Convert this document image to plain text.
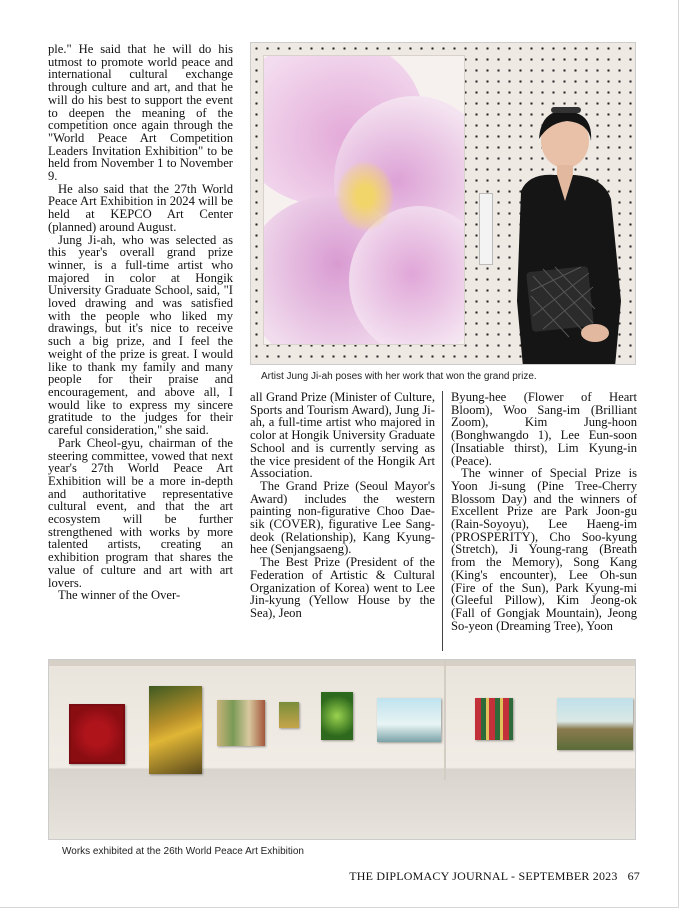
ple." He said that he will do his utmost to promote world peace and international cultural exchange through culture and art, and that he will do his best to support the event to deepen the meaning of the competition once again through the "World Peace Art Competition Leaders Invitation Exhibition" to be held from November 1 to November 9.

He also said that the 27th World Peace Art Exhibition in 2024 will be held at KEPCO Art Center (planned) around August.

Jung Ji-ah, who was selected as this year's overall grand prize winner, is a full-time artist who majored in color at Hongik University Graduate School, said, "I loved drawing and was satisfied with the people who liked my drawings, but it's nice to receive such a big prize, and I feel the weight of the prize is great. I would like to thank my family and many people for their praise and encouragement, and above all, I would like to express my sincere gratitude to the judges for their careful consideration," she said.

Park Cheol-gyu, chairman of the steering committee, vowed that next year's 27th World Peace Art Exhibition will be a more in-depth and authoritative representative cultural event, and that the art ecosystem will be further strengthened with works by more talented artists, creating an exhibition program that shares the value of culture and art with art lovers.

The winner of the Over-

Artist Jung Ji-ah poses with her work that won the grand prize.

all Grand Prize (Minister of Culture, Sports and Tourism Award), Jung Ji-ah, a full-time artist who majored in color at Hongik University Graduate School and is currently serving as the vice president of the Hongik Art Association.

The Grand Prize (Seoul Mayor's Award) includes the western painting non-figurative Choo Dae-sik (COVER), figurative Lee Sang-deok (Relationship), Kang Kyung-hee (Senjangsaeng).

The Best Prize (President of the Federation of Artistic & Cultural Organization of Korea) went to Lee Jin-kyung (Yellow House by the Sea), Jeon

Byung-hee (Flower of Heart Bloom), Woo Sang-im (Brilliant Zoom), Kim Jung-hoon (Bonghwangdo 1), Lee Eun-soon (Insatiable thirst), Lim Kyung-in (Peace).

The winner of Special Prize is Yoon Ji-sung (Pine Tree-Cherry Blossom Day) and the winners of Excellent Prize are Park Joon-gu (Rain-Soyoyu), Lee Haeng-im (PROSPERITY), Cho Soo-kyung (Stretch), Ji Young-rang (Breath from the Memory), Song Kang (King's encounter), Lee Oh-sun (Fire of the Sun), Park Kyung-mi (Gleeful Pillow), Kim Jeong-ok (Fall of Gongjak Mountain), Jeong So-yeon (Dreaming Tree), Yoon

Works exhibited at the 26th World Peace Art Exhibition
THE DIPLOMACY JOURNAL - SEPTEMBER 2023 67
